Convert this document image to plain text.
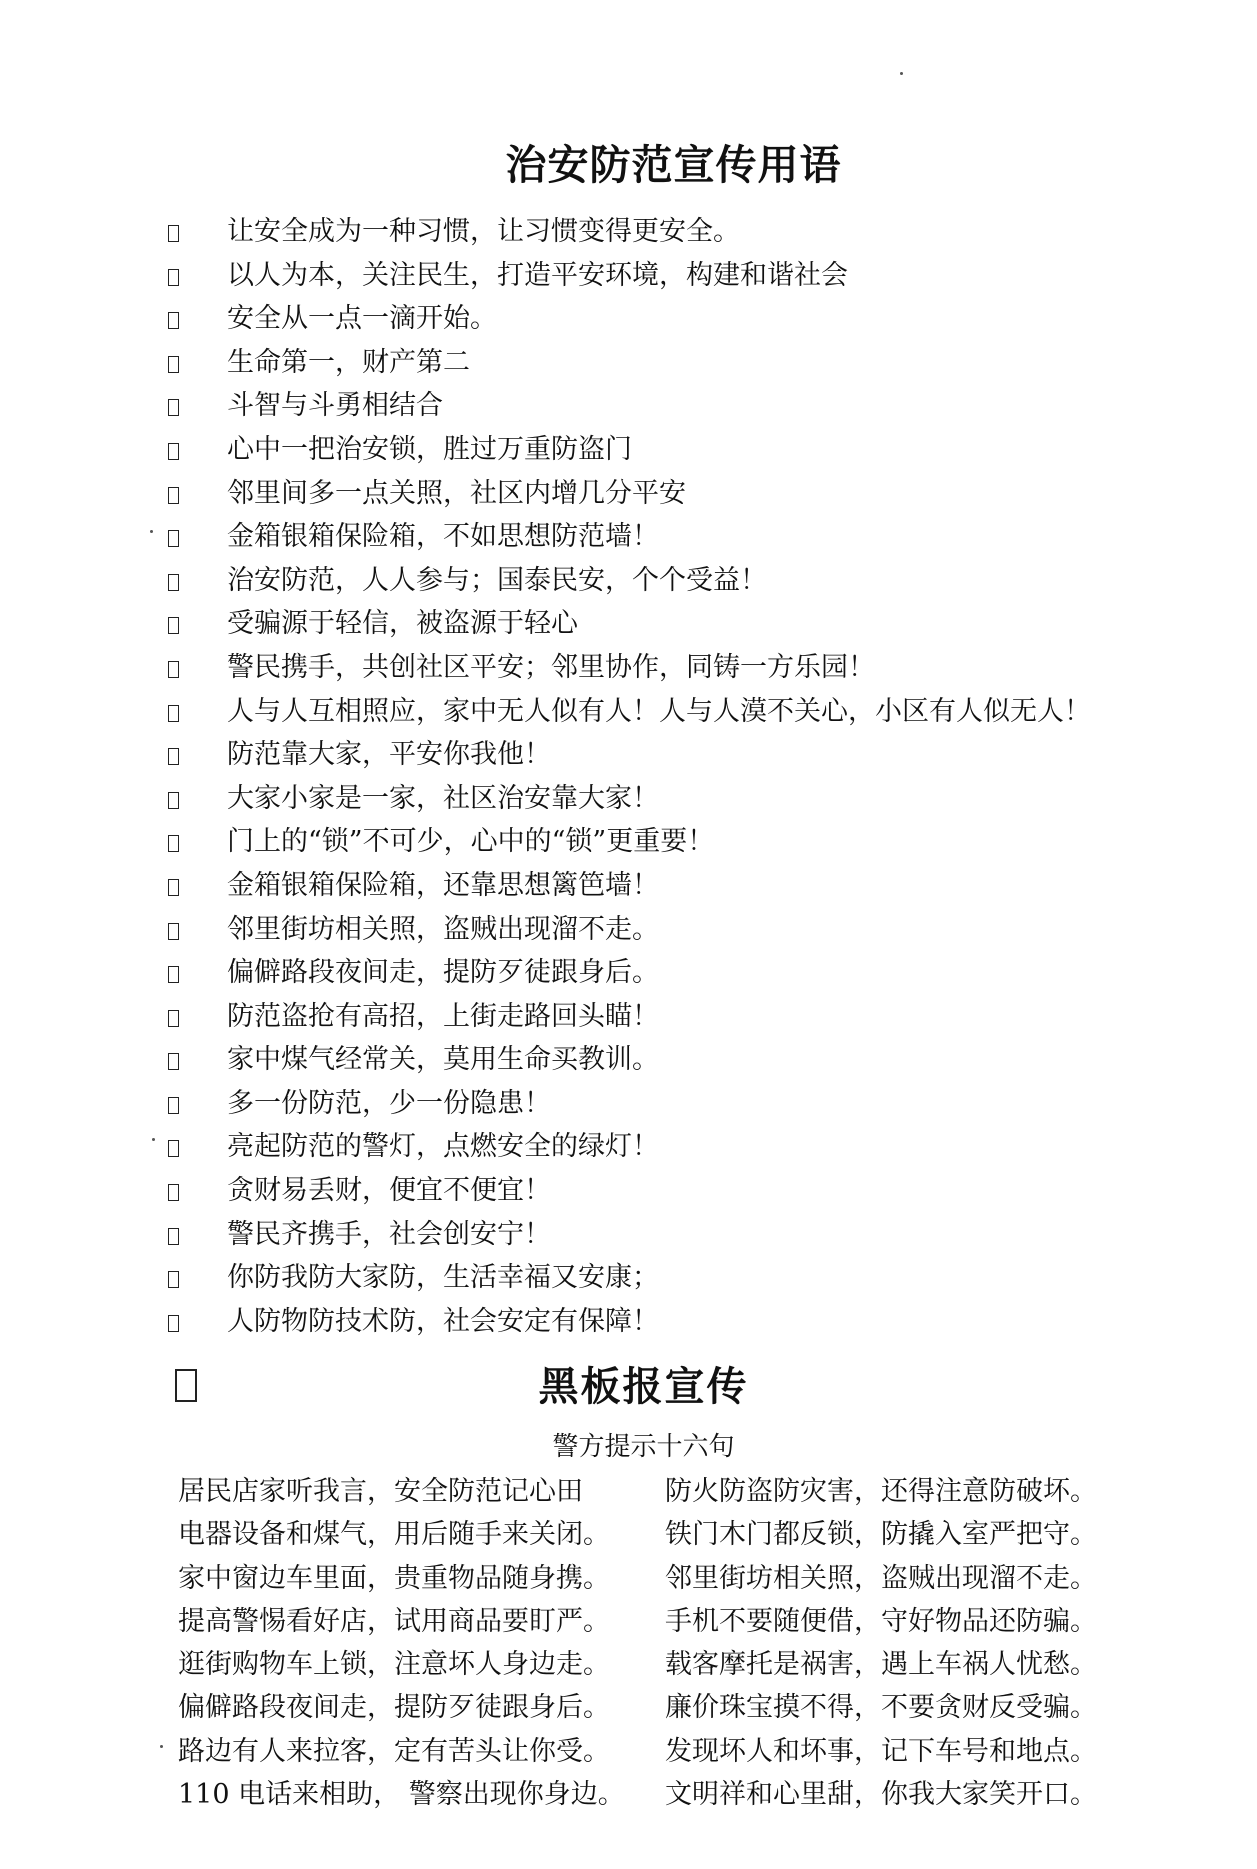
治安防范宣传用语
让安全成为一种习惯，让习惯变得更安全。
以人为本，关注民生，打造平安环境，构建和谐社会
安全从一点一滴开始。
生命第一，财产第二
斗智与斗勇相结合
心中一把治安锁，胜过万重防盗门
邻里间多一点关照，社区内增几分平安
金箱银箱保险箱，不如思想防范墙！
治安防范，人人参与；国泰民安，个个受益！
受骗源于轻信，被盗源于轻心
警民携手，共创社区平安；邻里协作，同铸一方乐园！
人与人互相照应，家中无人似有人！人与人漠不关心，小区有人似无人！
防范靠大家，平安你我他！
大家小家是一家，社区治安靠大家！
门上的“锁”不可少，心中的“锁”更重要！
金箱银箱保险箱，还靠思想篱笆墙！
邻里街坊相关照，盗贼出现溜不走。
偏僻路段夜间走，提防歹徒跟身后。
防范盗抢有高招，上街走路回头瞄！
家中煤气经常关，莫用生命买教训。
多一份防范，少一份隐患！
亮起防范的警灯，点燃安全的绿灯！
贪财易丢财，便宜不便宜！
警民齐携手，社会创安宁！
你防我防大家防，生活幸福又安康；
人防物防技术防，社会安定有保障！
黑板报宣传
警方提示十六句
居民店家听我言，安全防范记心田	防火防盗防灾害，还得注意防破坏。
电器设备和煤气，用后随手来关闭。 铁门木门都反锁，防撬入室严把守。
家中窗边车里面，贵重物品随身携。 邻里街坊相关照，盗贼出现溜不走。
提高警惕看好店，试用商品要盯严。 手机不要随便借，守好物品还防骗。
逛街购物车上锁，注意坏人身边走。 载客摩托是祸害，遇上车祸人忧愁。
偏僻路段夜间走，提防歹徒跟身后。 廉价珠宝摸不得，不要贪财反受骗。
路边有人来拉客，定有苦头让你受。 发现坏人和坏事，记下车号和地点。
110 电话来相助， 警察出现你身边。 文明祥和心里甜，你我大家笑开口。
